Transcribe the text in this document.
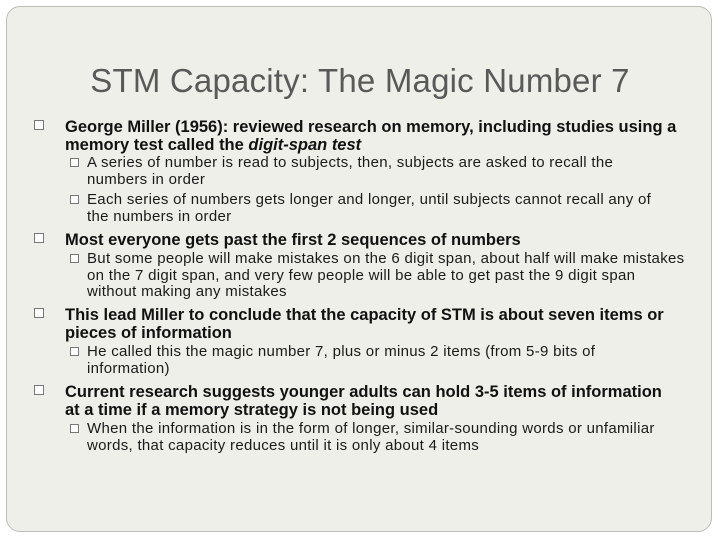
STM Capacity: The Magic Number 7
George Miller (1956): reviewed research on memory, including studies using a memory test called the digit-span test
A series of number is read to subjects, then, subjects are asked to recall the numbers in order
Each series of numbers gets longer and longer, until subjects cannot recall any of the numbers in order
Most everyone gets past the first 2 sequences of numbers
But some people will make mistakes on the 6 digit span, about half will make mistakes on the 7 digit span, and very few people will be able to get past the 9 digit span without making any mistakes
This lead Miller to conclude that the capacity of STM is about seven items or pieces of information
He called this the magic number 7, plus or minus 2 items (from 5-9 bits of information)
Current research suggests younger adults can hold 3-5 items of information at a time if a memory strategy is not being used
When the information is in the form of longer, similar-sounding words or unfamiliar words, that capacity reduces until it is only about 4 items
